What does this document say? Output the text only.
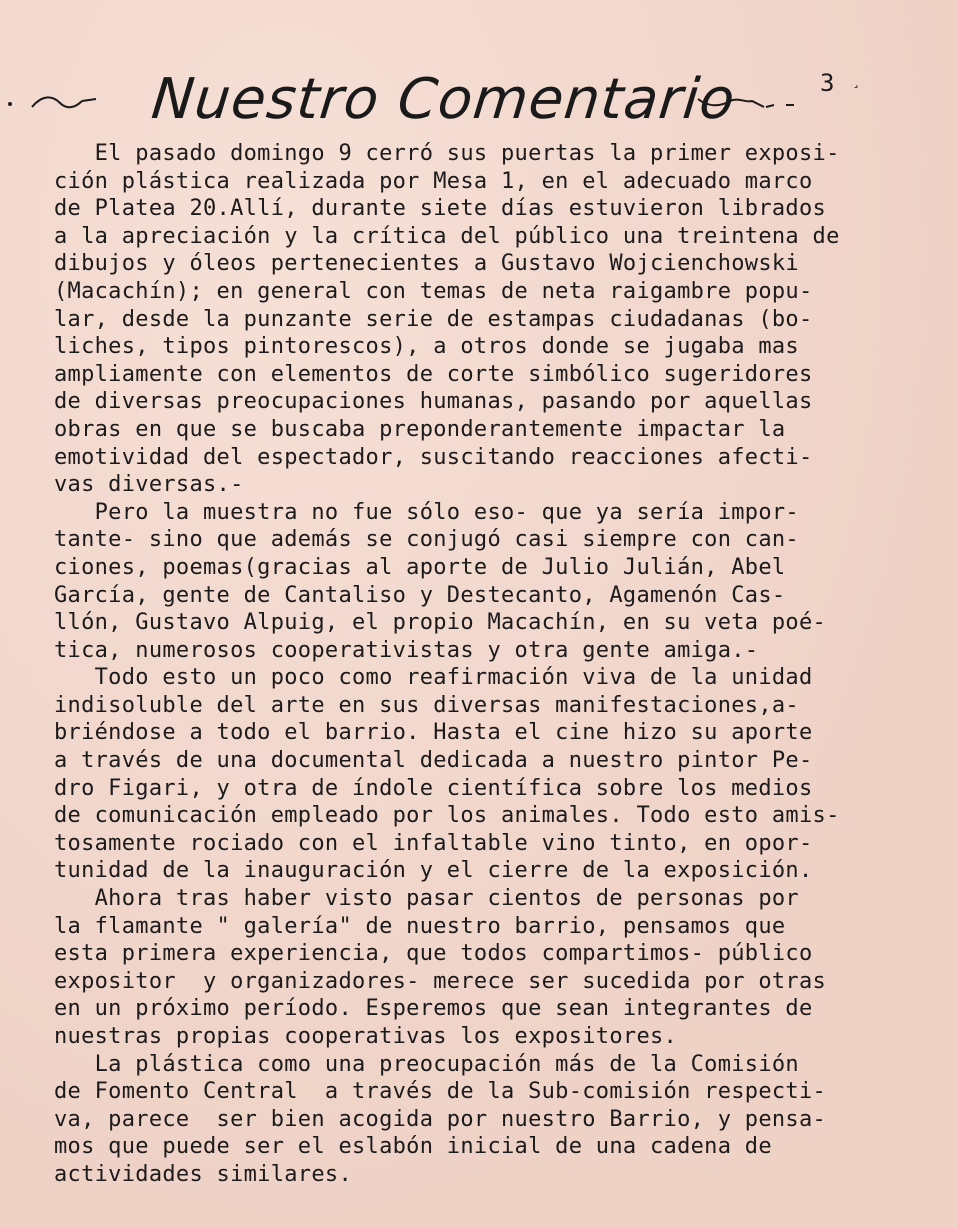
Nuestro Comentario	3 ¸
El pasado domingo 9 cerró sus puertas la primer exposi-
ción plástica realizada por Mesa 1, en el adecuado marco
de Platea 20.Allí, durante siete días estuvieron librados
a la apreciación y la crítica del público una treintena de
dibujos y óleos pertenecientes a Gustavo Wojcienchowski
(Macachín); en general con temas de neta raigambre popu-
lar, desde la punzante serie de estampas ciudadanas (bo-
liches, tipos pintorescos), a otros donde se jugaba mas
ampliamente con elementos de corte simbólico sugeridores
de diversas preocupaciones humanas, pasando por aquellas
obras en que se buscaba preponderantemente impactar la
emotividad del espectador, suscitando reacciones afecti-
vas diversas.-
Pero la muestra no fue sólo eso- que ya sería impor-
tante- sino que además se conjugó casi siempre con can-
ciones, poemas(gracias al aporte de Julio Julián, Abel
García, gente de Cantaliso y Destecanto, Agamenón Cas-
llón, Gustavo Alpuig, el propio Macachín, en su veta poé-
tica, numerosos cooperativistas y otra gente amiga.-
Todo esto un poco como reafirmación viva de la unidad
indisoluble del arte en sus diversas manifestaciones,a-
briéndose a todo el barrio. Hasta el cine hizo su aporte
a través de una documental dedicada a nuestro pintor Pe-
dro Figari, y otra de índole científica sobre los medios
de comunicación empleado por los animales. Todo esto amis-
tosamente rociado con el infaltable vino tinto, en opor-
tunidad de la inauguración y el cierre de la exposición.
Ahora tras haber visto pasar cientos de personas por
la flamante " galería" de nuestro barrio, pensamos que
esta primera experiencia, que todos compartimos- público
expositor  y organizadores- merece ser sucedida por otras
en un próximo período. Esperemos que sean integrantes de
nuestras propias cooperativas los expositores.
La plástica como una preocupación más de la Comisión
de Fomento Central  a través de la Sub-comisión respecti-
va, parece  ser bien acogida por nuestro Barrio, y pensa-
mos que puede ser el eslabón inicial de una cadena de
actividades similares.
